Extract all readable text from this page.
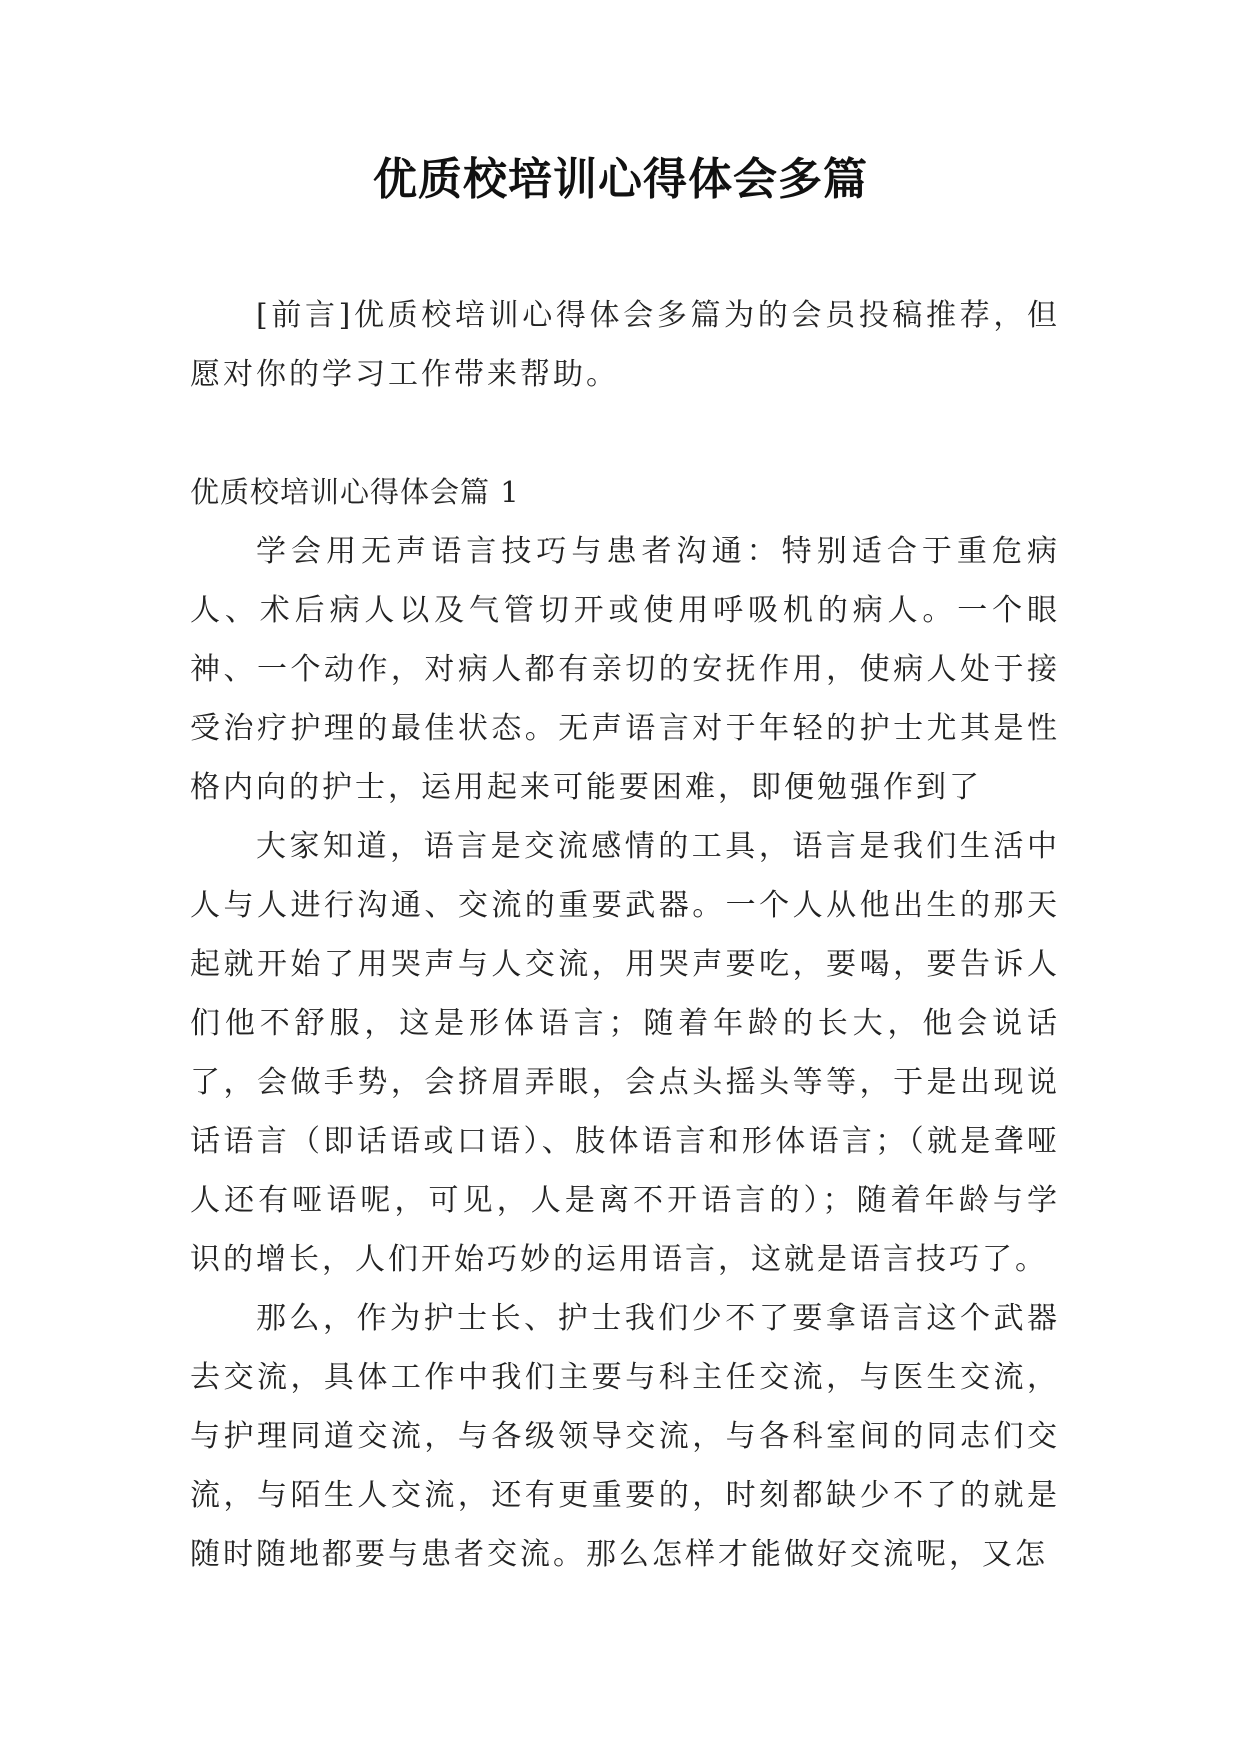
优质校培训心得体会多篇

[前言]优质校培训心得体会多篇为的会员投稿推荐，但愿对你的学习工作带来帮助。

优质校培训心得体会篇 1

学会用无声语言技巧与患者沟通：特别适合于重危病人、术后病人以及气管切开或使用呼吸机的病人。一个眼神、一个动作，对病人都有亲切的安抚作用，使病人处于接受治疗护理的最佳状态。无声语言对于年轻的护士尤其是性格内向的护士，运用起来可能要困难，即便勉强作到了

大家知道，语言是交流感情的工具，语言是我们生活中人与人进行沟通、交流的重要武器。一个人从他出生的那天起就开始了用哭声与人交流，用哭声要吃，要喝，要告诉人们他不舒服，这是形体语言；随着年龄的长大，他会说话了，会做手势，会挤眉弄眼，会点头摇头等等，于是出现说话语言（即话语或口语）、肢体语言和形体语言；（就是聋哑人还有哑语呢，可见，人是离不开语言的）；随着年龄与学识的增长，人们开始巧妙的运用语言，这就是语言技巧了。

那么，作为护士长、护士我们少不了要拿语言这个武器去交流，具体工作中我们主要与科主任交流，与医生交流，与护理同道交流，与各级领导交流，与各科室间的同志们交流，与陌生人交流，还有更重要的，时刻都缺少不了的就是随时随地都要与患者交流。那么怎样才能做好交流呢，又怎
